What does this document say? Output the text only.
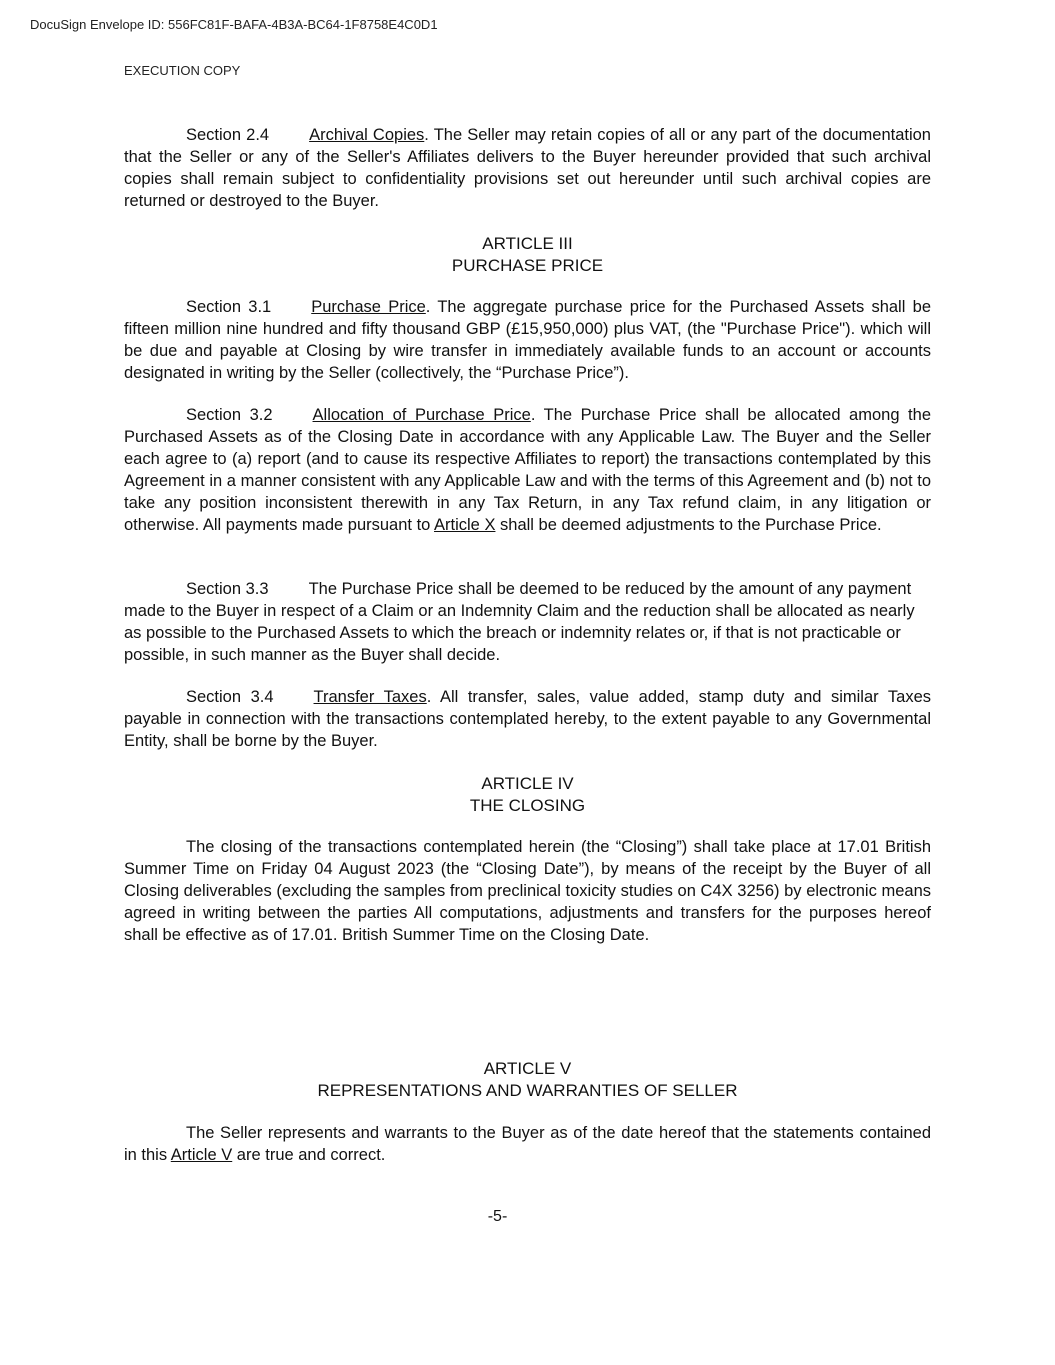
DocuSign Envelope ID: 556FC81F-BAFA-4B3A-BC64-1F8758E4C0D1
EXECUTION COPY
Section 2.4 Archival Copies. The Seller may retain copies of all or any part of the documentation that the Seller or any of the Seller's Affiliates delivers to the Buyer hereunder provided that such archival copies shall remain subject to confidentiality provisions set out hereunder until such archival copies are returned or destroyed to the Buyer.
ARTICLE III
PURCHASE PRICE
Section 3.1 Purchase Price. The aggregate purchase price for the Purchased Assets shall be fifteen million nine hundred and fifty thousand GBP (£15,950,000) plus VAT, (the "Purchase Price"). which will be due and payable at Closing by wire transfer in immediately available funds to an account or accounts designated in writing by the Seller (collectively, the “Purchase Price”).
Section 3.2 Allocation of Purchase Price. The Purchase Price shall be allocated among the Purchased Assets as of the Closing Date in accordance with any Applicable Law. The Buyer and the Seller each agree to (a) report (and to cause its respective Affiliates to report) the transactions contemplated by this Agreement in a manner consistent with any Applicable Law and with the terms of this Agreement and (b) not to take any position inconsistent therewith in any Tax Return, in any Tax refund claim, in any litigation or otherwise. All payments made pursuant to Article X shall be deemed adjustments to the Purchase Price.
Section 3.3 The Purchase Price shall be deemed to be reduced by the amount of any payment made to the Buyer in respect of a Claim or an Indemnity Claim and the reduction shall be allocated as nearly as possible to the Purchased Assets to which the breach or indemnity relates or, if that is not practicable or possible, in such manner as the Buyer shall decide.
Section 3.4 Transfer Taxes. All transfer, sales, value added, stamp duty and similar Taxes payable in connection with the transactions contemplated hereby, to the extent payable to any Governmental Entity, shall be borne by the Buyer.
ARTICLE IV
THE CLOSING
The closing of the transactions contemplated herein (the “Closing”) shall take place at 17.01 British Summer Time on Friday 04 August 2023 (the “Closing Date”), by means of the receipt by the Buyer of all Closing deliverables (excluding the samples from preclinical toxicity studies on C4X 3256) by electronic means agreed in writing between the parties All computations, adjustments and transfers for the purposes hereof shall be effective as of 17.01. British Summer Time on the Closing Date.
ARTICLE V
REPRESENTATIONS AND WARRANTIES OF SELLER
The Seller represents and warrants to the Buyer as of the date hereof that the statements contained in this Article V are true and correct.
-5-
